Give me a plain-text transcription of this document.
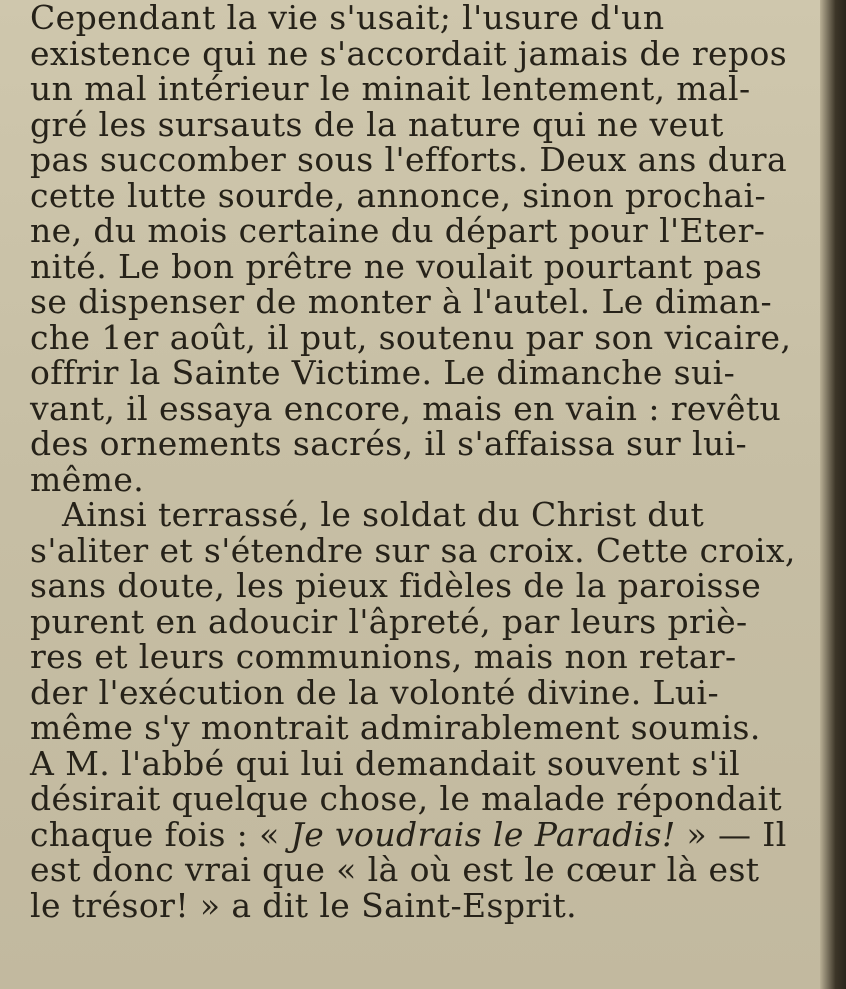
Cependant la vie s'usait; l'usure d'un
existence qui ne s'accordait jamais de repos
un mal intérieur le minait lentement, mal-
gré les sursauts de la nature qui ne veut
pas succomber sous l'efforts. Deux ans dura
cette lutte sourde, annonce, sinon prochai-
ne, du mois certaine du départ pour l'Eter-
nité. Le bon prêtre ne voulait pourtant pas
se dispenser de monter à l'autel. Le diman-
che 1er août, il put, soutenu par son vicaire,
offrir la Sainte Victime. Le dimanche sui-
vant, il essaya encore, mais en vain : revêtu
des ornements sacrés, il s'affaissa sur lui-
même.
Ainsi terrassé, le soldat du Christ dut
s'aliter et s'étendre sur sa croix. Cette croix,
sans doute, les pieux fidèles de la paroisse
purent en adoucir l'âpreté, par leurs priè-
res et leurs communions, mais non retar-
der l'exécution de la volonté divine. Lui-
même s'y montrait admirablement soumis.
A M. l'abbé qui lui demandait souvent s'il
désirait quelque chose, le malade répondait
chaque fois : « Je voudrais le Paradis! » — Il
est donc vrai que « là où est le cœur là est
le trésor! » a dit le Saint-Esprit.
